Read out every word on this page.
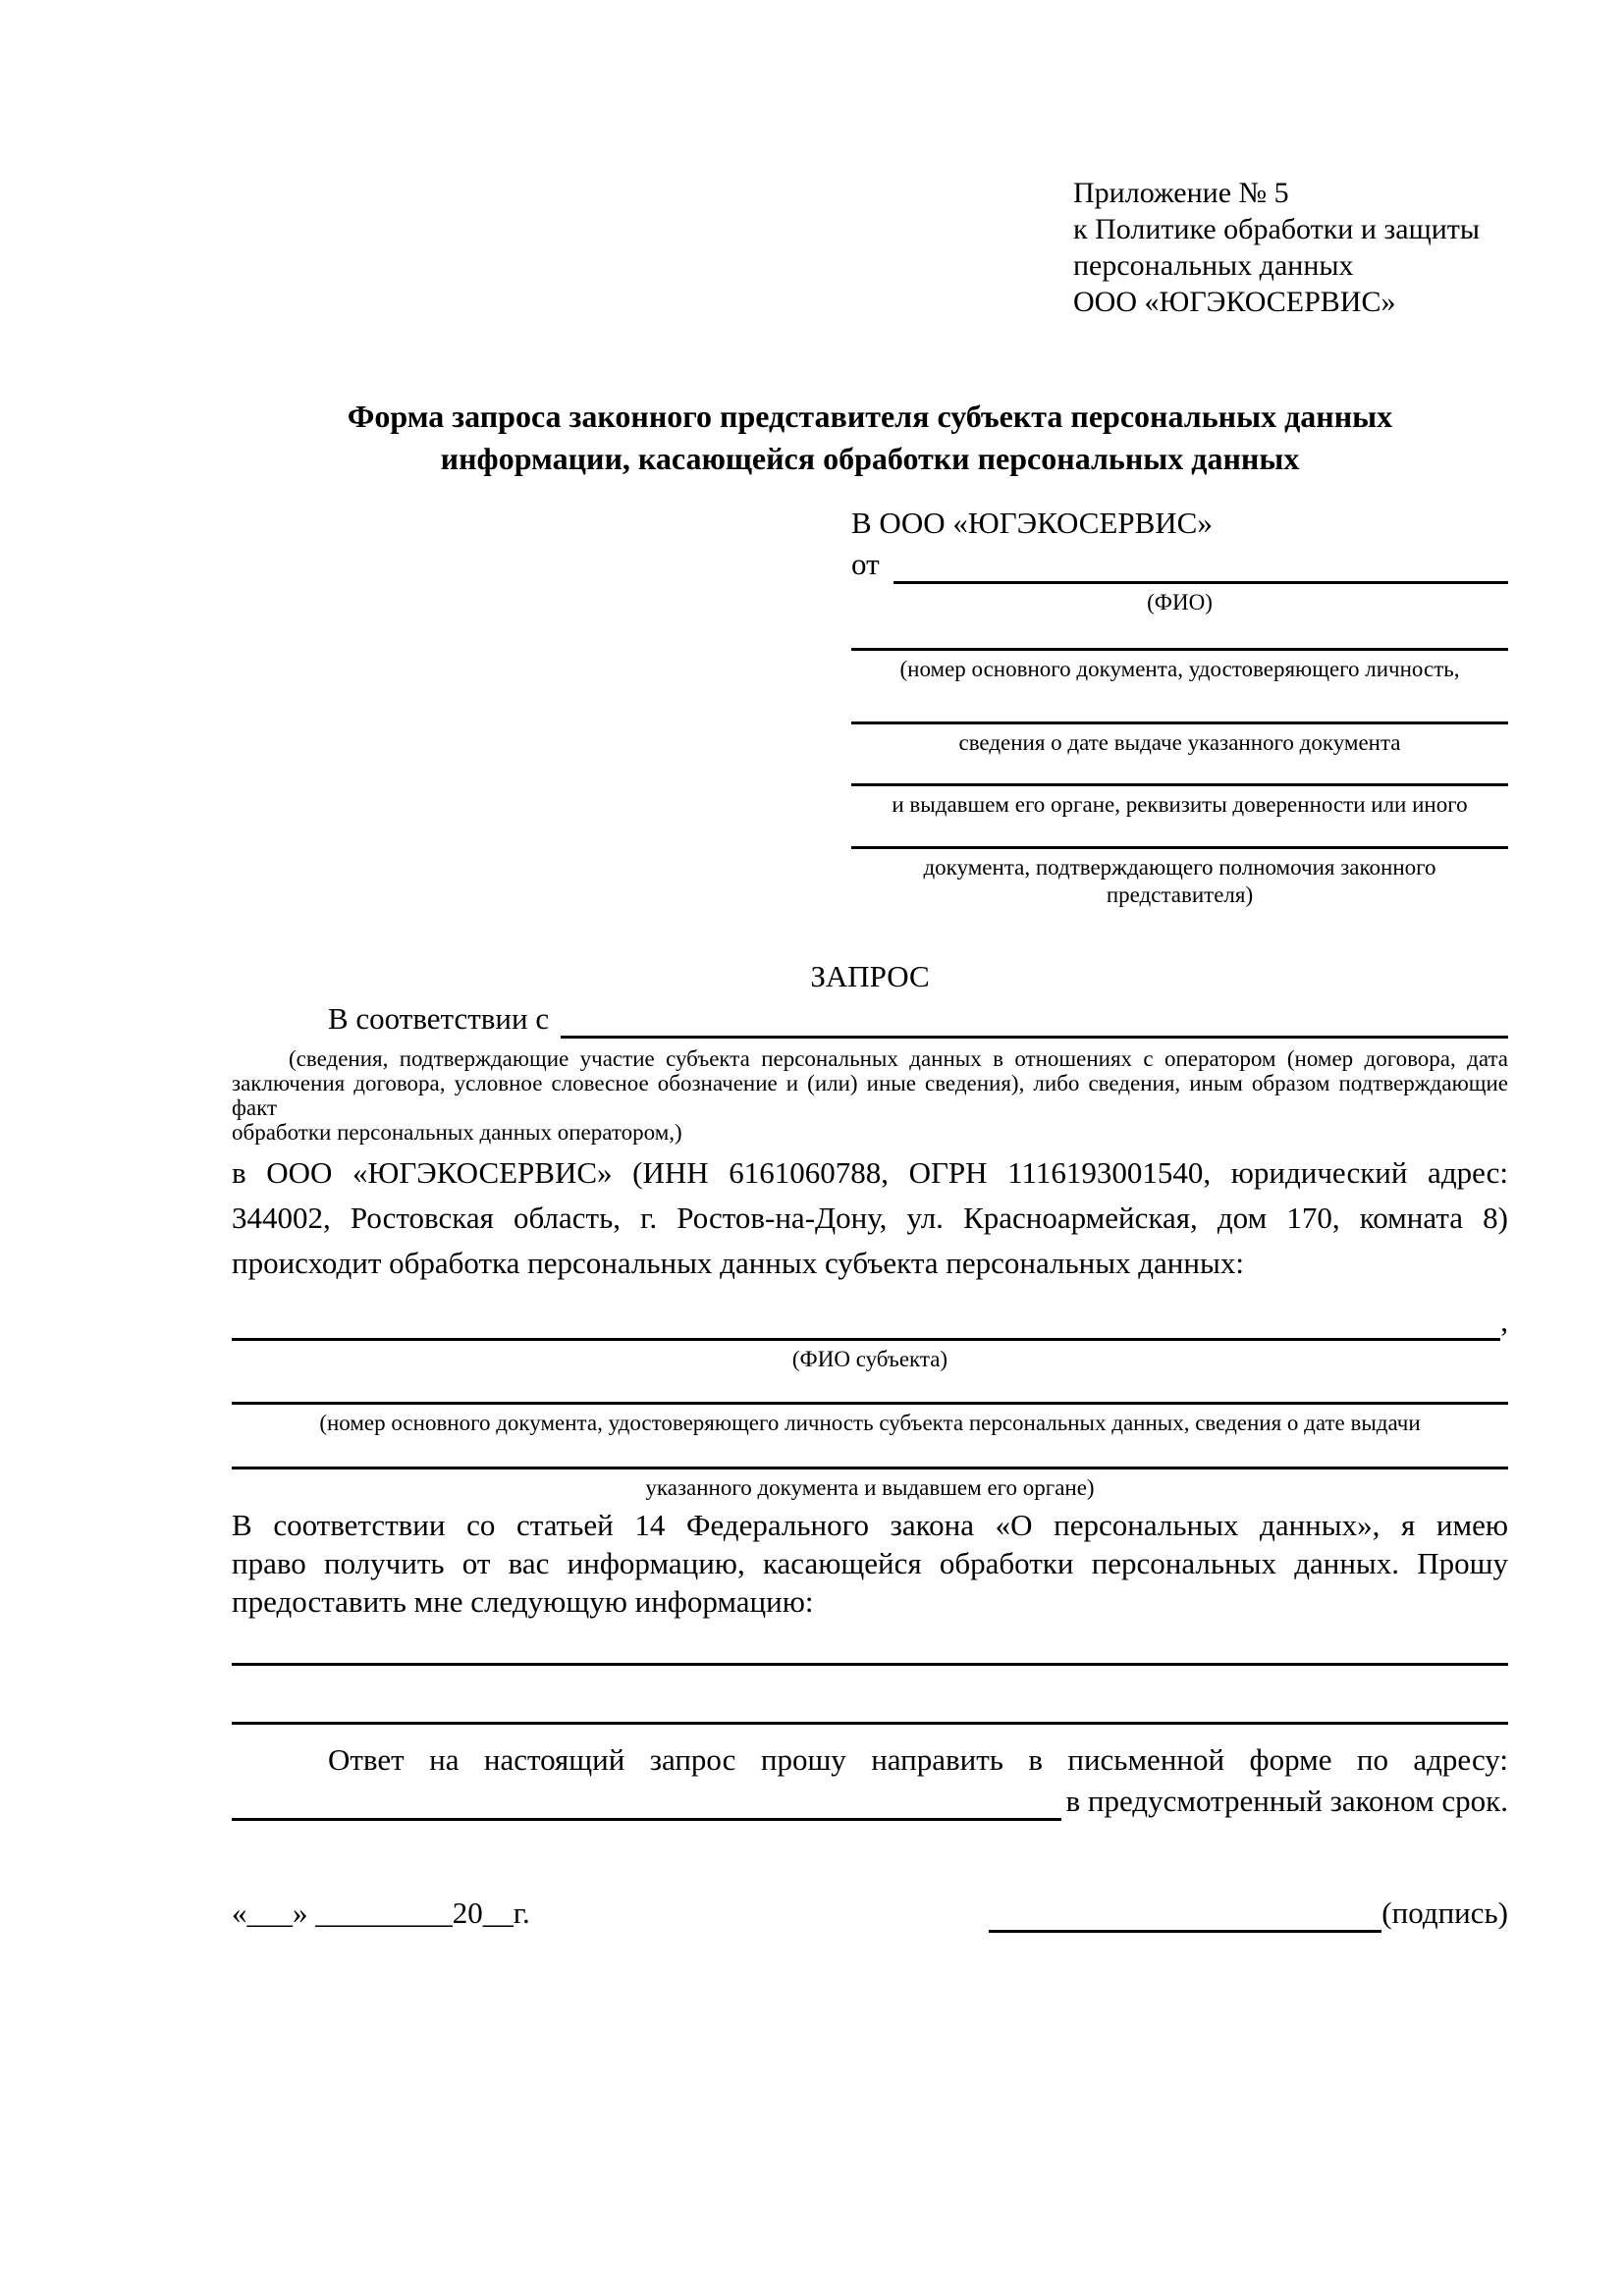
Приложение № 5
к Политике обработки и защиты
персональных данных
ООО «ЮГЭКОСЕРВИС»
Форма запроса законного представителя субъекта персональных данных
информации, касающейся обработки персональных данных
В ООО «ЮГЭКОСЕРВИС»
от
(ФИО)
(номер основного документа, удостоверяющего личность,
сведения о дате выдаче указанного документа
и выдавшем его органе, реквизиты доверенности или иного
документа, подтверждающего полномочия законного представителя)
ЗАПРОС
В соответствии с
(сведения, подтверждающие участие субъекта персональных данных в отношениях с оператором (номер договора, дата
заключения договора, условное словесное обозначение и (или) иные сведения), либо сведения, иным образом подтверждающие факт
обработки персональных данных оператором,)
в ООО «ЮГЭКОСЕРВИС» (ИНН 6161060788, ОГРН 1116193001540, юридический адрес:
344002, Ростовская область, г. Ростов-на-Дону, ул. Красноармейская, дом 170, комната 8)
происходит обработка персональных данных субъекта персональных данных:
,
(ФИО субъекта)
(номер основного документа, удостоверяющего личность субъекта персональных данных, сведения о дате выдачи
указанного документа и выдавшем его органе)
В соответствии со статьей 14 Федерального закона «О персональных данных», я имею
право получить от вас информацию, касающейся обработки персональных данных. Прошу
предоставить мне следующую информацию:
Ответ на настоящий запрос прошу направить в письменной форме по адресу:
в предусмотренный законом срок.
«___» _________20__г.	(подпись)
